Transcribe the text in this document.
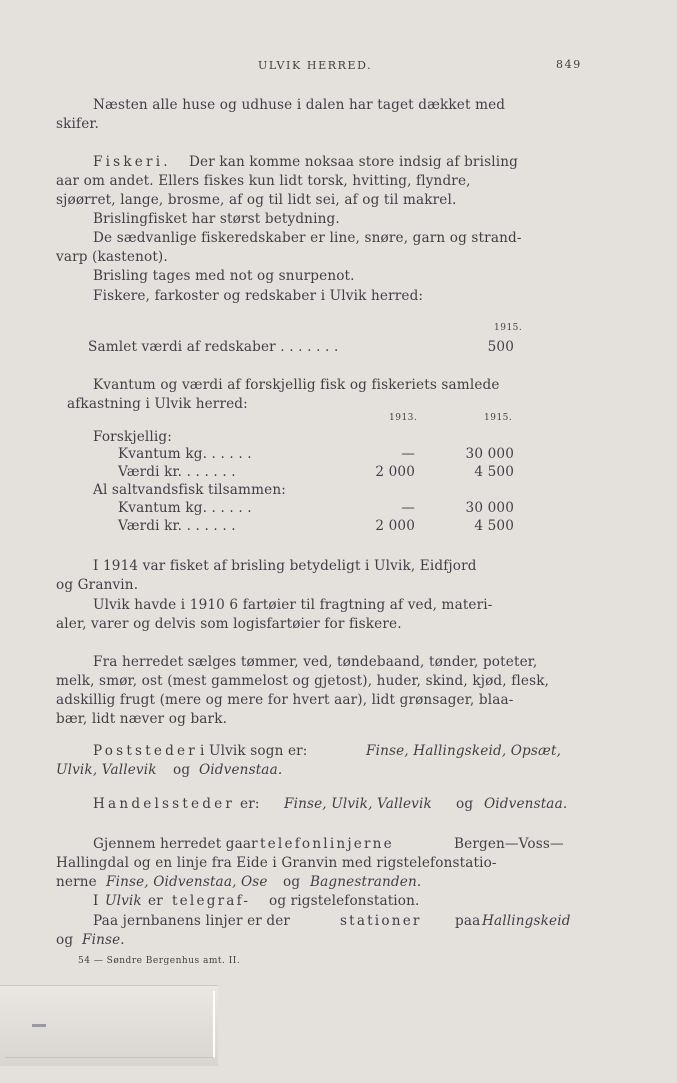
ULVIK HERRED.	849
Næsten alle huse og udhuse i dalen har taget dækket med
skifer.
Fiskeri. Der kan komme noksaa store indsig af brisling
aar om andet. Ellers fiskes kun lidt torsk, hvitting, flyndre,
sjøørret, lange, brosme, af og til lidt sei, af og til makrel.
Brislingfisket har størst betydning.
De sædvanlige fiskeredskaber er line, snøre, garn og strand-
varp (kastenot).
Brisling tages med not og snurpenot.
Fiskere, farkoster og redskaber i Ulvik herred:
1915.
Samlet værdi af redskaber . . . . . . .	500
Kvantum og værdi af forskjellig fisk og fiskeriets samlede
afkastning i Ulvik herred:
1913.	1915.
Forskjellig:
Kvantum kg. . . . . .	—	30 000
Værdi kr. . . . . . .	2 000	4 500
Al saltvandsfisk tilsammen:
Kvantum kg. . . . . .	—	30 000
Værdi kr. . . . . . .	2 000	4 500
I 1914 var fisket af brisling betydeligt i Ulvik, Eidfjord
og Granvin.
Ulvik havde i 1910 6 fartøier til fragtning af ved, materi-
aler, varer og delvis som logisfartøier for fiskere.
Fra herredet sælges tømmer, ved, tøndebaand, tønder, poteter,
melk, smør, ost (mest gammelost og gjetost), huder, skind, kjød, flesk,
adskillig frugt (mere og mere for hvert aar), lidt grønsager, blaa-
bær, lidt næver og bark.
Poststeder i Ulvik sogn er:	Finse, Hallingskeid, Opsæt,
Ulvik, Vallevik og Oidvenstaa.
Handelssteder er: Finse, Ulvik, Vallevik og Oidvenstaa.
Gjennem herredet gaar telefonlinjerne	Bergen—Voss—
Hallingdal og en linje fra Eide i Granvin med rigstelefonstatio-
nerne Finse, Oidvenstaa, Ose og Bagnestranden.
I Ulvik er telegraf- og rigstelefonstation.
Paa jernbanens linjer er der	stationer paa Hallingskeid
og Finse.
54 — Søndre Bergenhus amt. II.
